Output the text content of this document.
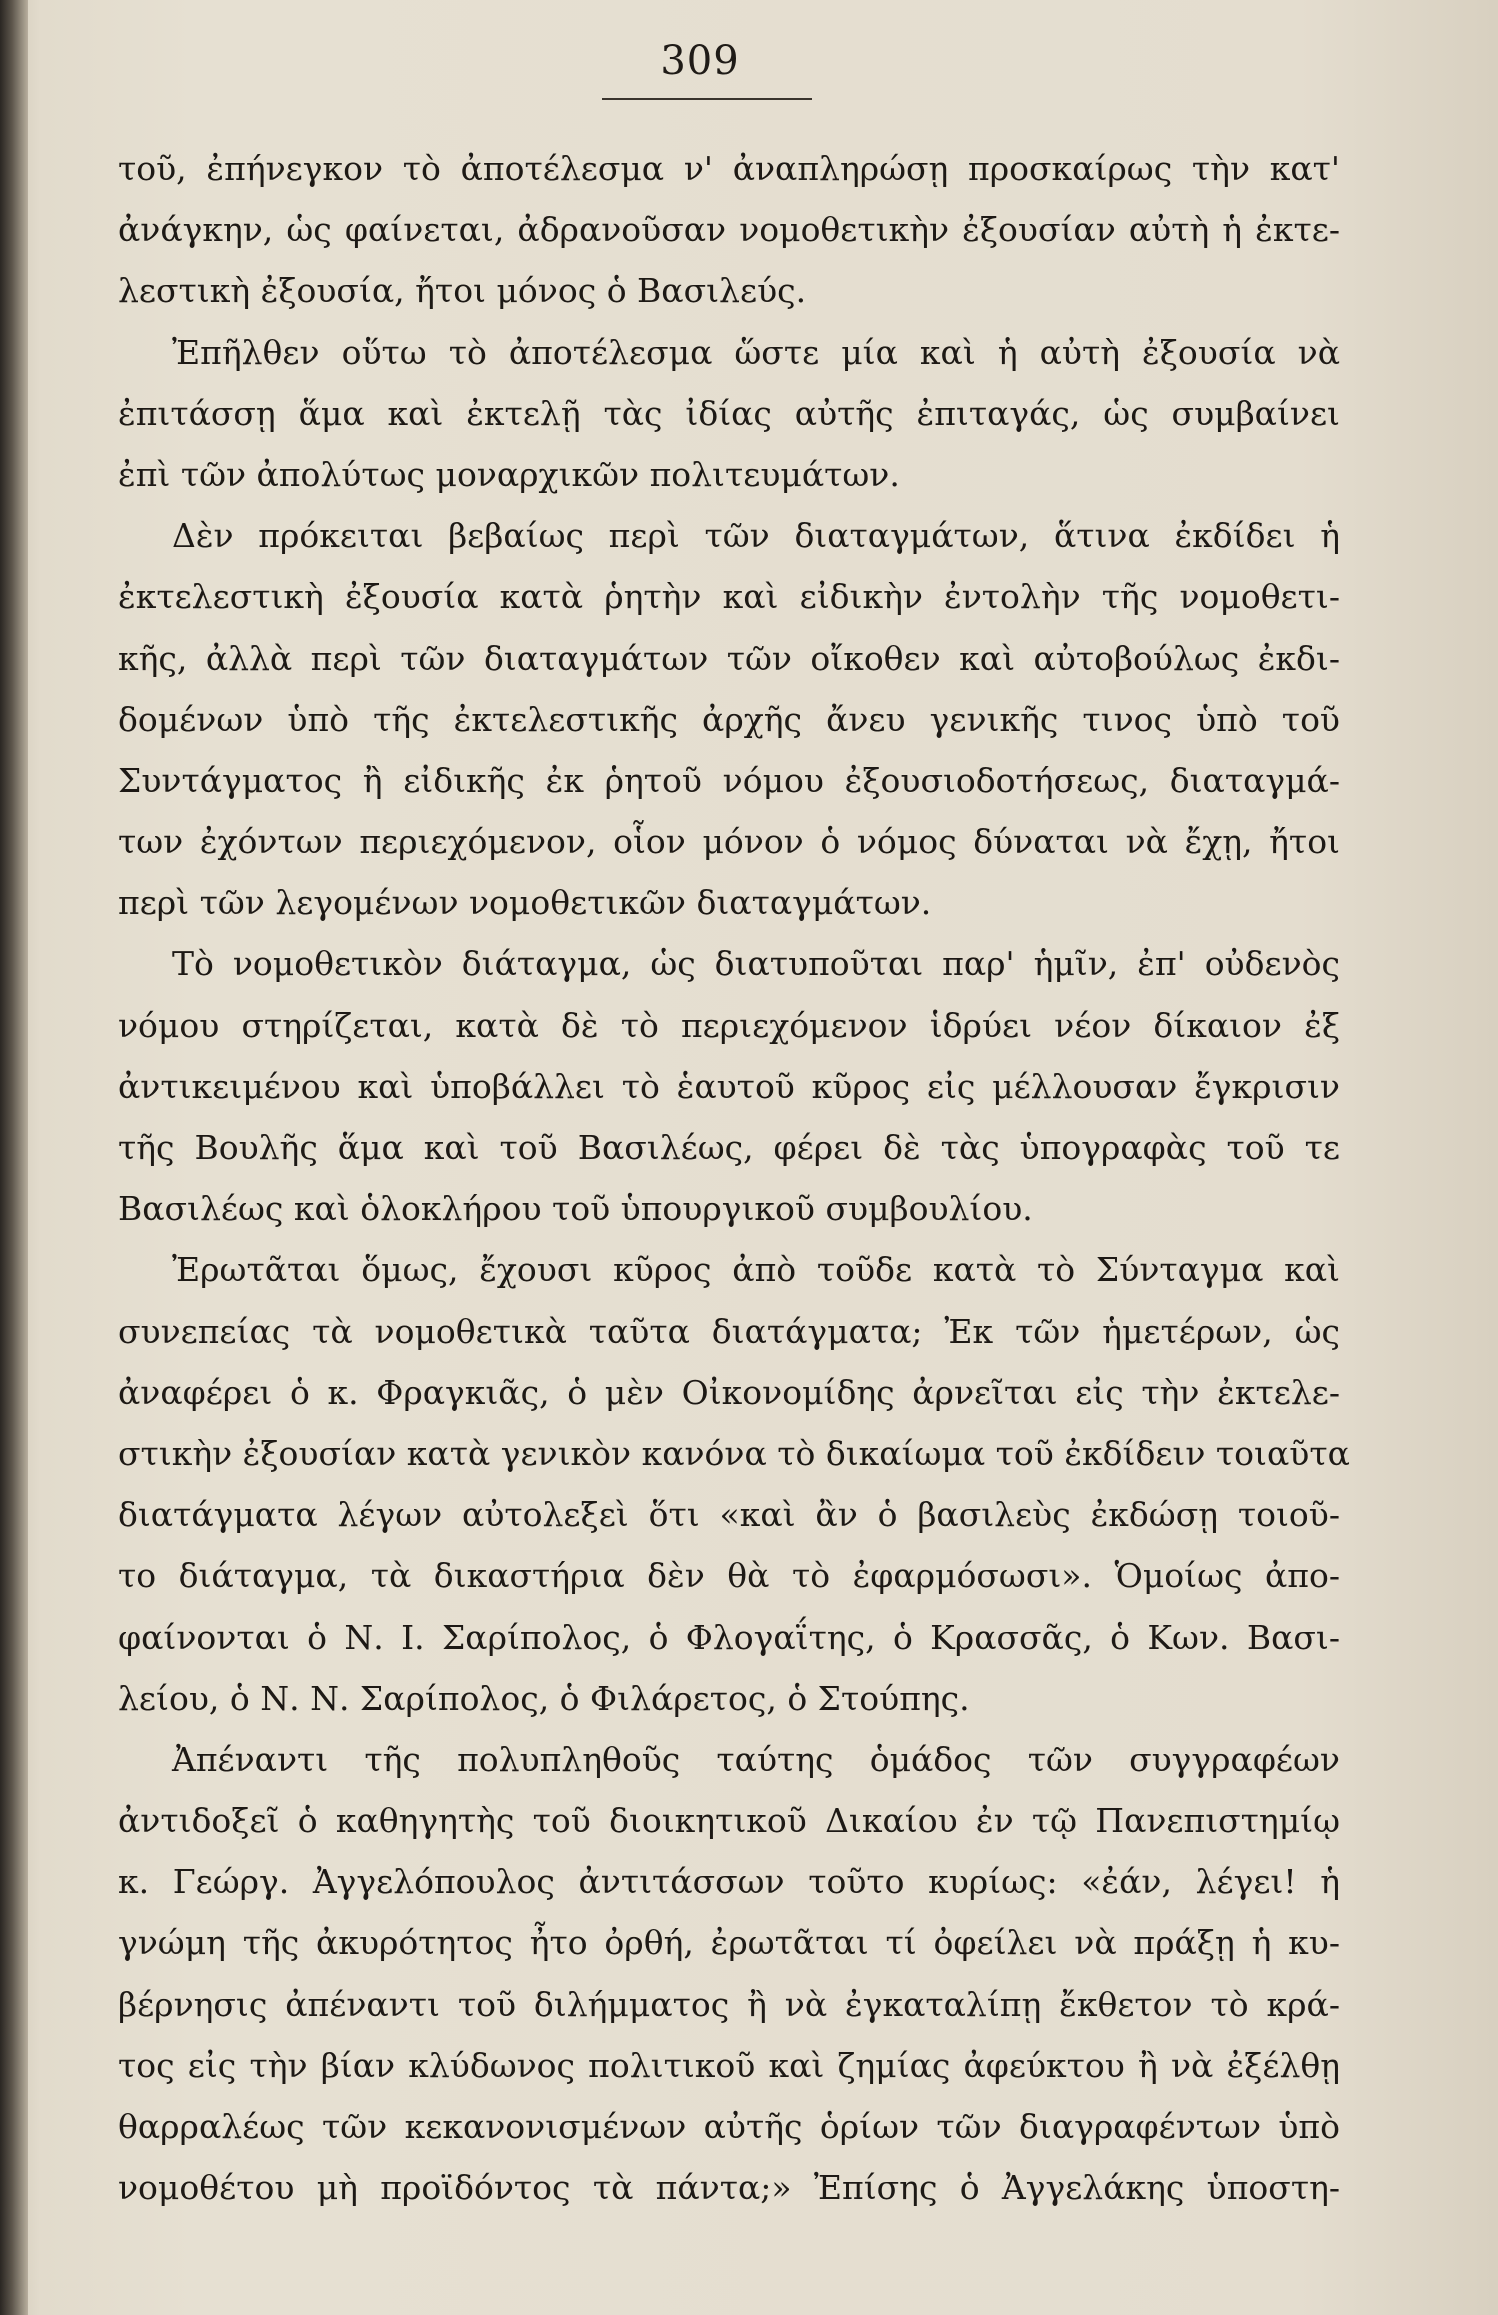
309
τοῦ, ἐπήνεγκον τὸ ἀποτέλεσμα ν' ἀναπληρώσῃ προσκαίρως τὴν κατ'
ἀνάγκην, ὡς φαίνεται, ἀδρανοῦσαν νομοθετικὴν ἐξουσίαν αὐτὴ ἡ ἐκτε-
λεστικὴ ἐξουσία, ἤτοι μόνος ὁ Βασιλεύς.
Ἐπῆλθεν οὕτω τὸ ἀποτέλεσμα ὥστε μία καὶ ἡ αὐτὴ ἐξουσία νὰ
ἐπιτάσσῃ ἅμα καὶ ἐκτελῇ τὰς ἰδίας αὐτῆς ἐπιταγάς, ὡς συμβαίνει
ἐπὶ τῶν ἀπολύτως μοναρχικῶν πολιτευμάτων.
Δὲν πρόκειται βεβαίως περὶ τῶν διαταγμάτων, ἅτινα ἐκδίδει ἡ
ἐκτελεστικὴ ἐξουσία κατὰ ῥητὴν καὶ εἰδικὴν ἐντολὴν τῆς νομοθετι-
κῆς, ἀλλὰ περὶ τῶν διαταγμάτων τῶν οἴκοθεν καὶ αὐτοβούλως ἐκδι-
δομένων ὑπὸ τῆς ἐκτελεστικῆς ἀρχῆς ἄνευ γενικῆς τινος ὑπὸ τοῦ
Συντάγματος ἢ εἰδικῆς ἐκ ῥητοῦ νόμου ἐξουσιοδοτήσεως, διαταγμά-
των ἐχόντων περιεχόμενον, οἷον μόνον ὁ νόμος δύναται νὰ ἔχῃ, ἤτοι
περὶ τῶν λεγομένων νομοθετικῶν διαταγμάτων.
Τὸ νομοθετικὸν διάταγμα, ὡς διατυποῦται παρ' ἡμῖν, ἐπ' οὐδενὸς
νόμου στηρίζεται, κατὰ δὲ τὸ περιεχόμενον ἱδρύει νέον δίκαιον ἐξ
ἀντικειμένου καὶ ὑποβάλλει τὸ ἑαυτοῦ κῦρος εἰς μέλλουσαν ἔγκρισιν
τῆς Βουλῆς ἅμα καὶ τοῦ Βασιλέως, φέρει δὲ τὰς ὑπογραφὰς τοῦ τε
Βασιλέως καὶ ὁλοκλήρου τοῦ ὑπουργικοῦ συμβουλίου.
Ἐρωτᾶται ὅμως, ἔχουσι κῦρος ἀπὸ τοῦδε κατὰ τὸ Σύνταγμα καὶ
συνεπείας τὰ νομοθετικὰ ταῦτα διατάγματα; Ἐκ τῶν ἡμετέρων, ὡς
ἀναφέρει ὁ κ. Φραγκιᾶς, ὁ μὲν Οἰκονομίδης ἀρνεῖται εἰς τὴν ἐκτελε-
στικὴν ἐξουσίαν κατὰ γενικὸν κανόνα τὸ δικαίωμα τοῦ ἐκδίδειν τοιαῦτα
διατάγματα λέγων αὐτολεξεὶ ὅτι «καὶ ἂν ὁ βασιλεὺς ἐκδώσῃ τοιοῦ-
το διάταγμα, τὰ δικαστήρια δὲν θὰ τὸ ἐφαρμόσωσι». Ὁμοίως ἀπο-
φαίνονται ὁ Ν. Ι. Σαρίπολος, ὁ Φλογαΐτης, ὁ Κρασσᾶς, ὁ Κων. Βασι-
λείου, ὁ Ν. Ν. Σαρίπολος, ὁ Φιλάρετος, ὁ Στούπης.
Ἀπέναντι τῆς πολυπληθοῦς ταύτης ὁμάδος τῶν συγγραφέων
ἀντιδοξεῖ ὁ καθηγητὴς τοῦ διοικητικοῦ Δικαίου ἐν τῷ Πανεπιστημίῳ
κ. Γεώργ. Ἀγγελόπουλος ἀντιτάσσων τοῦτο κυρίως: «ἐάν, λέγει! ἡ
γνώμη τῆς ἀκυρότητος ἦτο ὀρθή, ἐρωτᾶται τί ὀφείλει νὰ πράξῃ ἡ κυ-
βέρνησις ἀπέναντι τοῦ διλήμματος ἢ νὰ ἐγκαταλίπῃ ἔκθετον τὸ κρά-
τος εἰς τὴν βίαν κλύδωνος πολιτικοῦ καὶ ζημίας ἀφεύκτου ἢ νὰ ἐξέλθῃ
θαρραλέως τῶν κεκανονισμένων αὐτῆς ὁρίων τῶν διαγραφέντων ὑπὸ
νομοθέτου μὴ προϊδόντος τὰ πάντα;» Ἐπίσης ὁ Ἀγγελάκης ὑποστη-
